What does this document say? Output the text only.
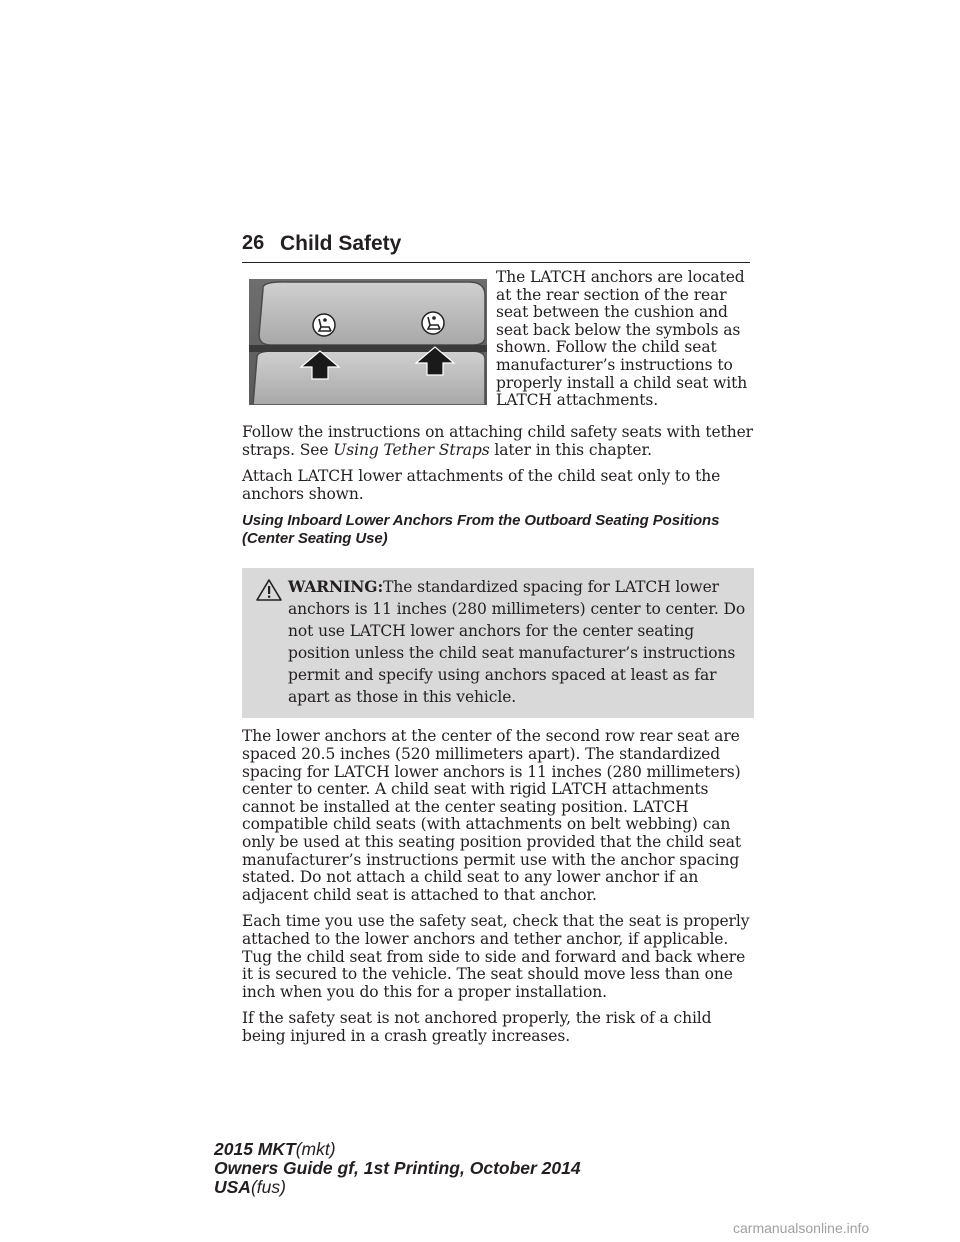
26 Child Safety
The LATCH anchors are located at the rear section of the rear seat between the cushion and seat back below the symbols as shown. Follow the child seat manufacturer’s instructions to properly install a child seat with LATCH attachments.

Follow the instructions on attaching child safety seats with tether straps. See Using Tether Straps later in this chapter.

Attach LATCH lower attachments of the child seat only to the anchors shown.

Using Inboard Lower Anchors From the Outboard Seating Positions (Center Seating Use)
WARNING:The standardized spacing for LATCH lower anchors is 11 inches (280 millimeters) center to center. Do not use LATCH lower anchors for the center seating position unless the child seat manufacturer’s instructions permit and specify using anchors spaced at least as far apart as those in this vehicle.

The lower anchors at the center of the second row rear seat are spaced 20.5 inches (520 millimeters apart). The standardized spacing for LATCH lower anchors is 11 inches (280 millimeters) center to center. A child seat with rigid LATCH attachments cannot be installed at the center seating position. LATCH compatible child seats (with attachments on belt webbing) can only be used at this seating position provided that the child seat manufacturer’s instructions permit use with the anchor spacing stated. Do not attach a child seat to any lower anchor if an adjacent child seat is attached to that anchor.

Each time you use the safety seat, check that the seat is properly attached to the lower anchors and tether anchor, if applicable. Tug the child seat from side to side and forward and back where it is secured to the vehicle. The seat should move less than one inch when you do this for a proper installation.

If the safety seat is not anchored properly, the risk of a child being injured in a crash greatly increases.

2015 MKT(mkt)
Owners Guide gf, 1st Printing, October 2014
USA(fus)
carmanualsonline.info
